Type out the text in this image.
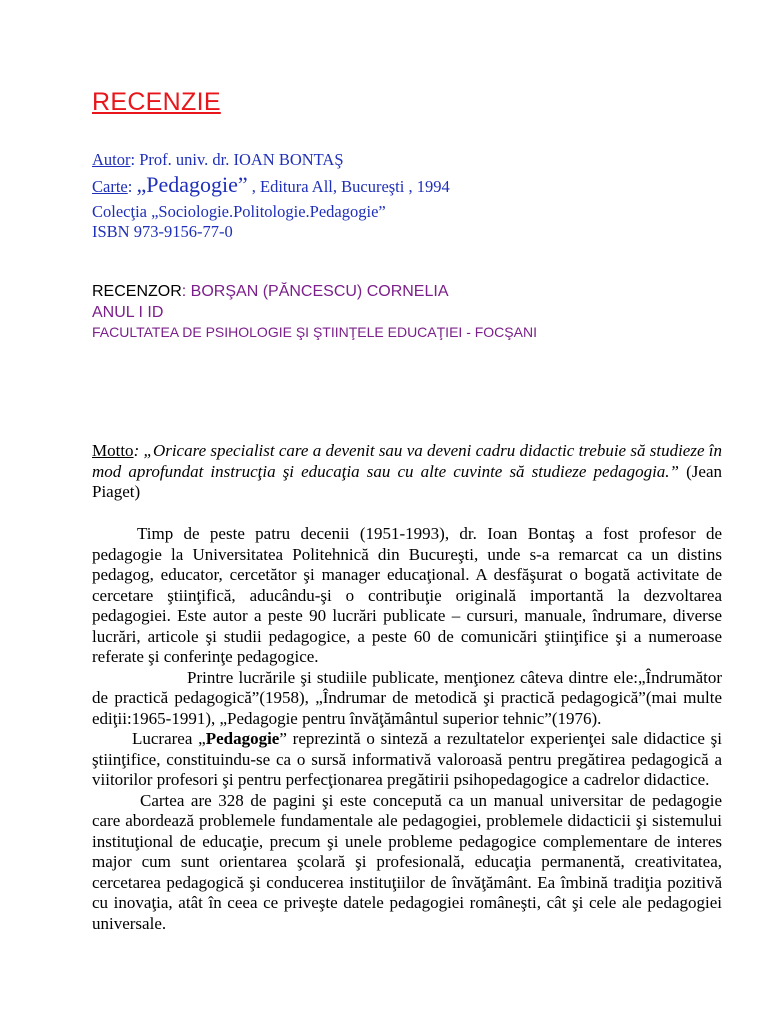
RECENZIE
Autor: Prof. univ. dr. IOAN BONTAŞ
Carte: „Pedagogie” , Editura All, Bucureşti , 1994
Colecţia „Sociologie.Politologie.Pedagogie”
ISBN 973-9156-77-0
RECENZOR: BORŞAN (PĂNCESCU) CORNELIA
ANUL I ID
FACULTATEA DE PSIHOLOGIE ŞI ŞTIINŢELE EDUCAŢIEI - FOCŞANI
Motto: „Oricare specialist care a devenit sau va deveni cadru didactic trebuie să studieze în mod aprofundat instrucţia şi educaţia sau cu alte cuvinte să studieze pedagogia.” (Jean Piaget)

Timp de peste patru decenii (1951-1993), dr. Ioan Bontaş a fost profesor de pedagogie la Universitatea Politehnică din Bucureşti, unde s-a remarcat ca un distins pedagog, educator, cercetător şi manager educaţional. A desfăşurat o bogată activitate de cercetare ştiinţifică, aducându-şi o contribuţie originală importantă la dezvoltarea pedagogiei. Este autor a peste 90 lucrări publicate – cursuri, manuale, îndrumare, diverse lucrări, articole şi studii pedagogice, a peste 60 de comunicări ştiinţifice şi a numeroase referate şi conferinţe pedagogice.

Printre lucrările şi studiile publicate, menţionez câteva dintre ele:„Îndrumător de practică pedagogică”(1958), „Îndrumar de metodică şi practică pedagogică”(mai multe ediţii:1965-1991), „Pedagogie pentru învăţământul superior tehnic”(1976).

Lucrarea „Pedagogie” reprezintă o sinteză a rezultatelor experienţei sale didactice şi ştiinţifice, constituindu-se ca o sursă informativă valoroasă pentru pregătirea pedagogică a viitorilor profesori şi pentru perfecţionarea pregătirii psihopedagogice a cadrelor didactice.

Cartea are 328 de pagini şi este concepută ca un manual universitar de pedagogie care abordează problemele fundamentale ale pedagogiei, problemele didacticii şi sistemului instituţional de educaţie, precum şi unele probleme pedagogice complementare de interes major cum sunt orientarea şcolară şi profesională, educaţia permanentă, creativitatea, cercetarea pedagogică şi conducerea instituţiilor de învăţământ. Ea îmbină tradiţia pozitivă cu inovaţia, atât în ceea ce priveşte datele pedagogiei româneşti, cât şi cele ale pedagogiei universale.
